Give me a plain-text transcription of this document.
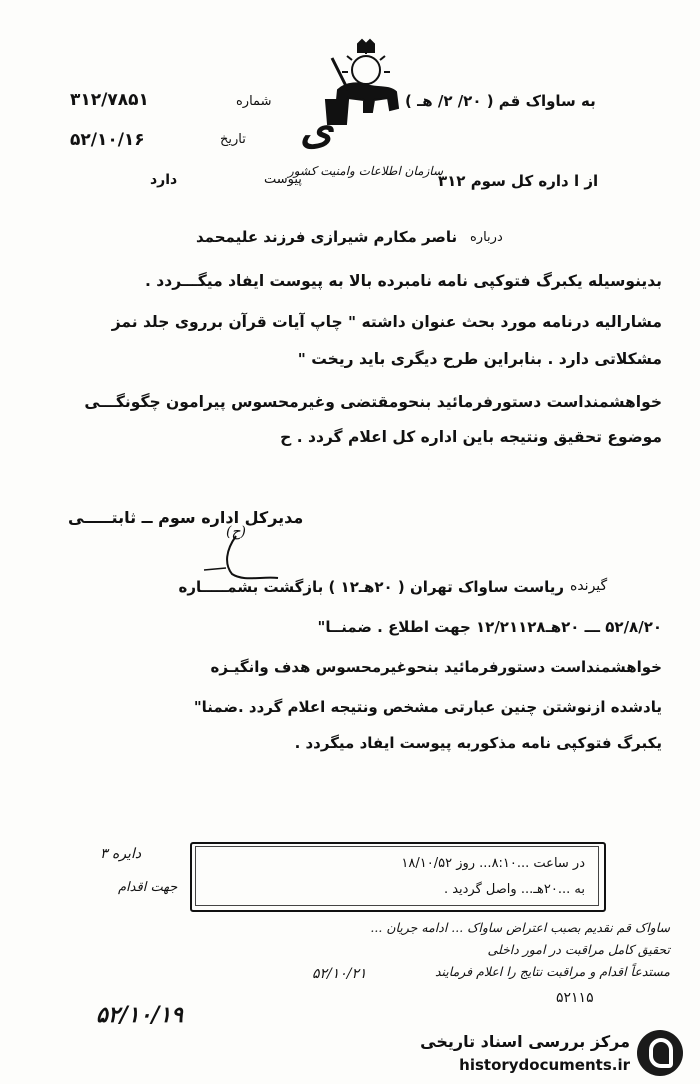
به ساواک قم ( ۲۰/ ۲/ هـ )
شماره
۳۱۲/۷۸۵۱
تاریخ
۵۲/۱۰/۱۶	ی
سازمان اطلاعات وامنیت کشور
پیوست
دارد	از ا داره کل سوم ۳۱۲
درباره
ناصر مکارم شیرازی فرزند علیمحمد
بدینوسیله یکبرگ فتوکپی نامه نامبرده بالا به پیوست ایفاد میگـــردد .
مشارالیه درنامه مورد بحث عنوان داشته " چاپ آیات قرآن برروی جلد نمز
مشکلاتی دارد . بنابراین طرح دیگری باید ریخت "
خواهشمنداست دستورفرمائید بنحومقتضی وغیرمحسوس پیرامون چگونگـــی
موضوع تحقیق ونتیجه باین اداره کل اعلام گردد . ح
مدیرکل اداره سوم ــ ثابتـــــی
(ح)
گیرنده
ریاست ساواک تهران ( ۲۰هـ۱۲ ) بازگشت بشمـــــاره
۵۲/۸/۲۰ ـــ ۲۰هـ۱۲/۲۱۱۲۸ جهت اطلاع . ضمنــا"
خواهشمنداست دستورفرمائید بنحوغیرمحسوس هدف وانگیـزه
یادشده ازنوشتن چنین عبارتی مشخص ونتیجه اعلام گردد .ضمنا"
یکبرگ فتوکپی نامه مذکوربه پیوست ایفاد میگردد .
در ساعت ...۸:۱۰... روز ۱۸/۱۰/۵۲
به ...۲۰هـ... واصل گردید .
دایره ۳
جهت اقدام
ساواک قم نقدیم بصبب اعتراض ساواک ... ادامه جریان ...
تحقیق کامل مراقبت در امور داخلی
مستدعاً اقدام و مراقبت نتایج را اعلام فرمایند
۵۲/۱۰/۲۱
۵۲۱۱۵
۵۲/۱۰/۱۹
مرکز بررسی اسناد تاریخی
historydocuments.ir
